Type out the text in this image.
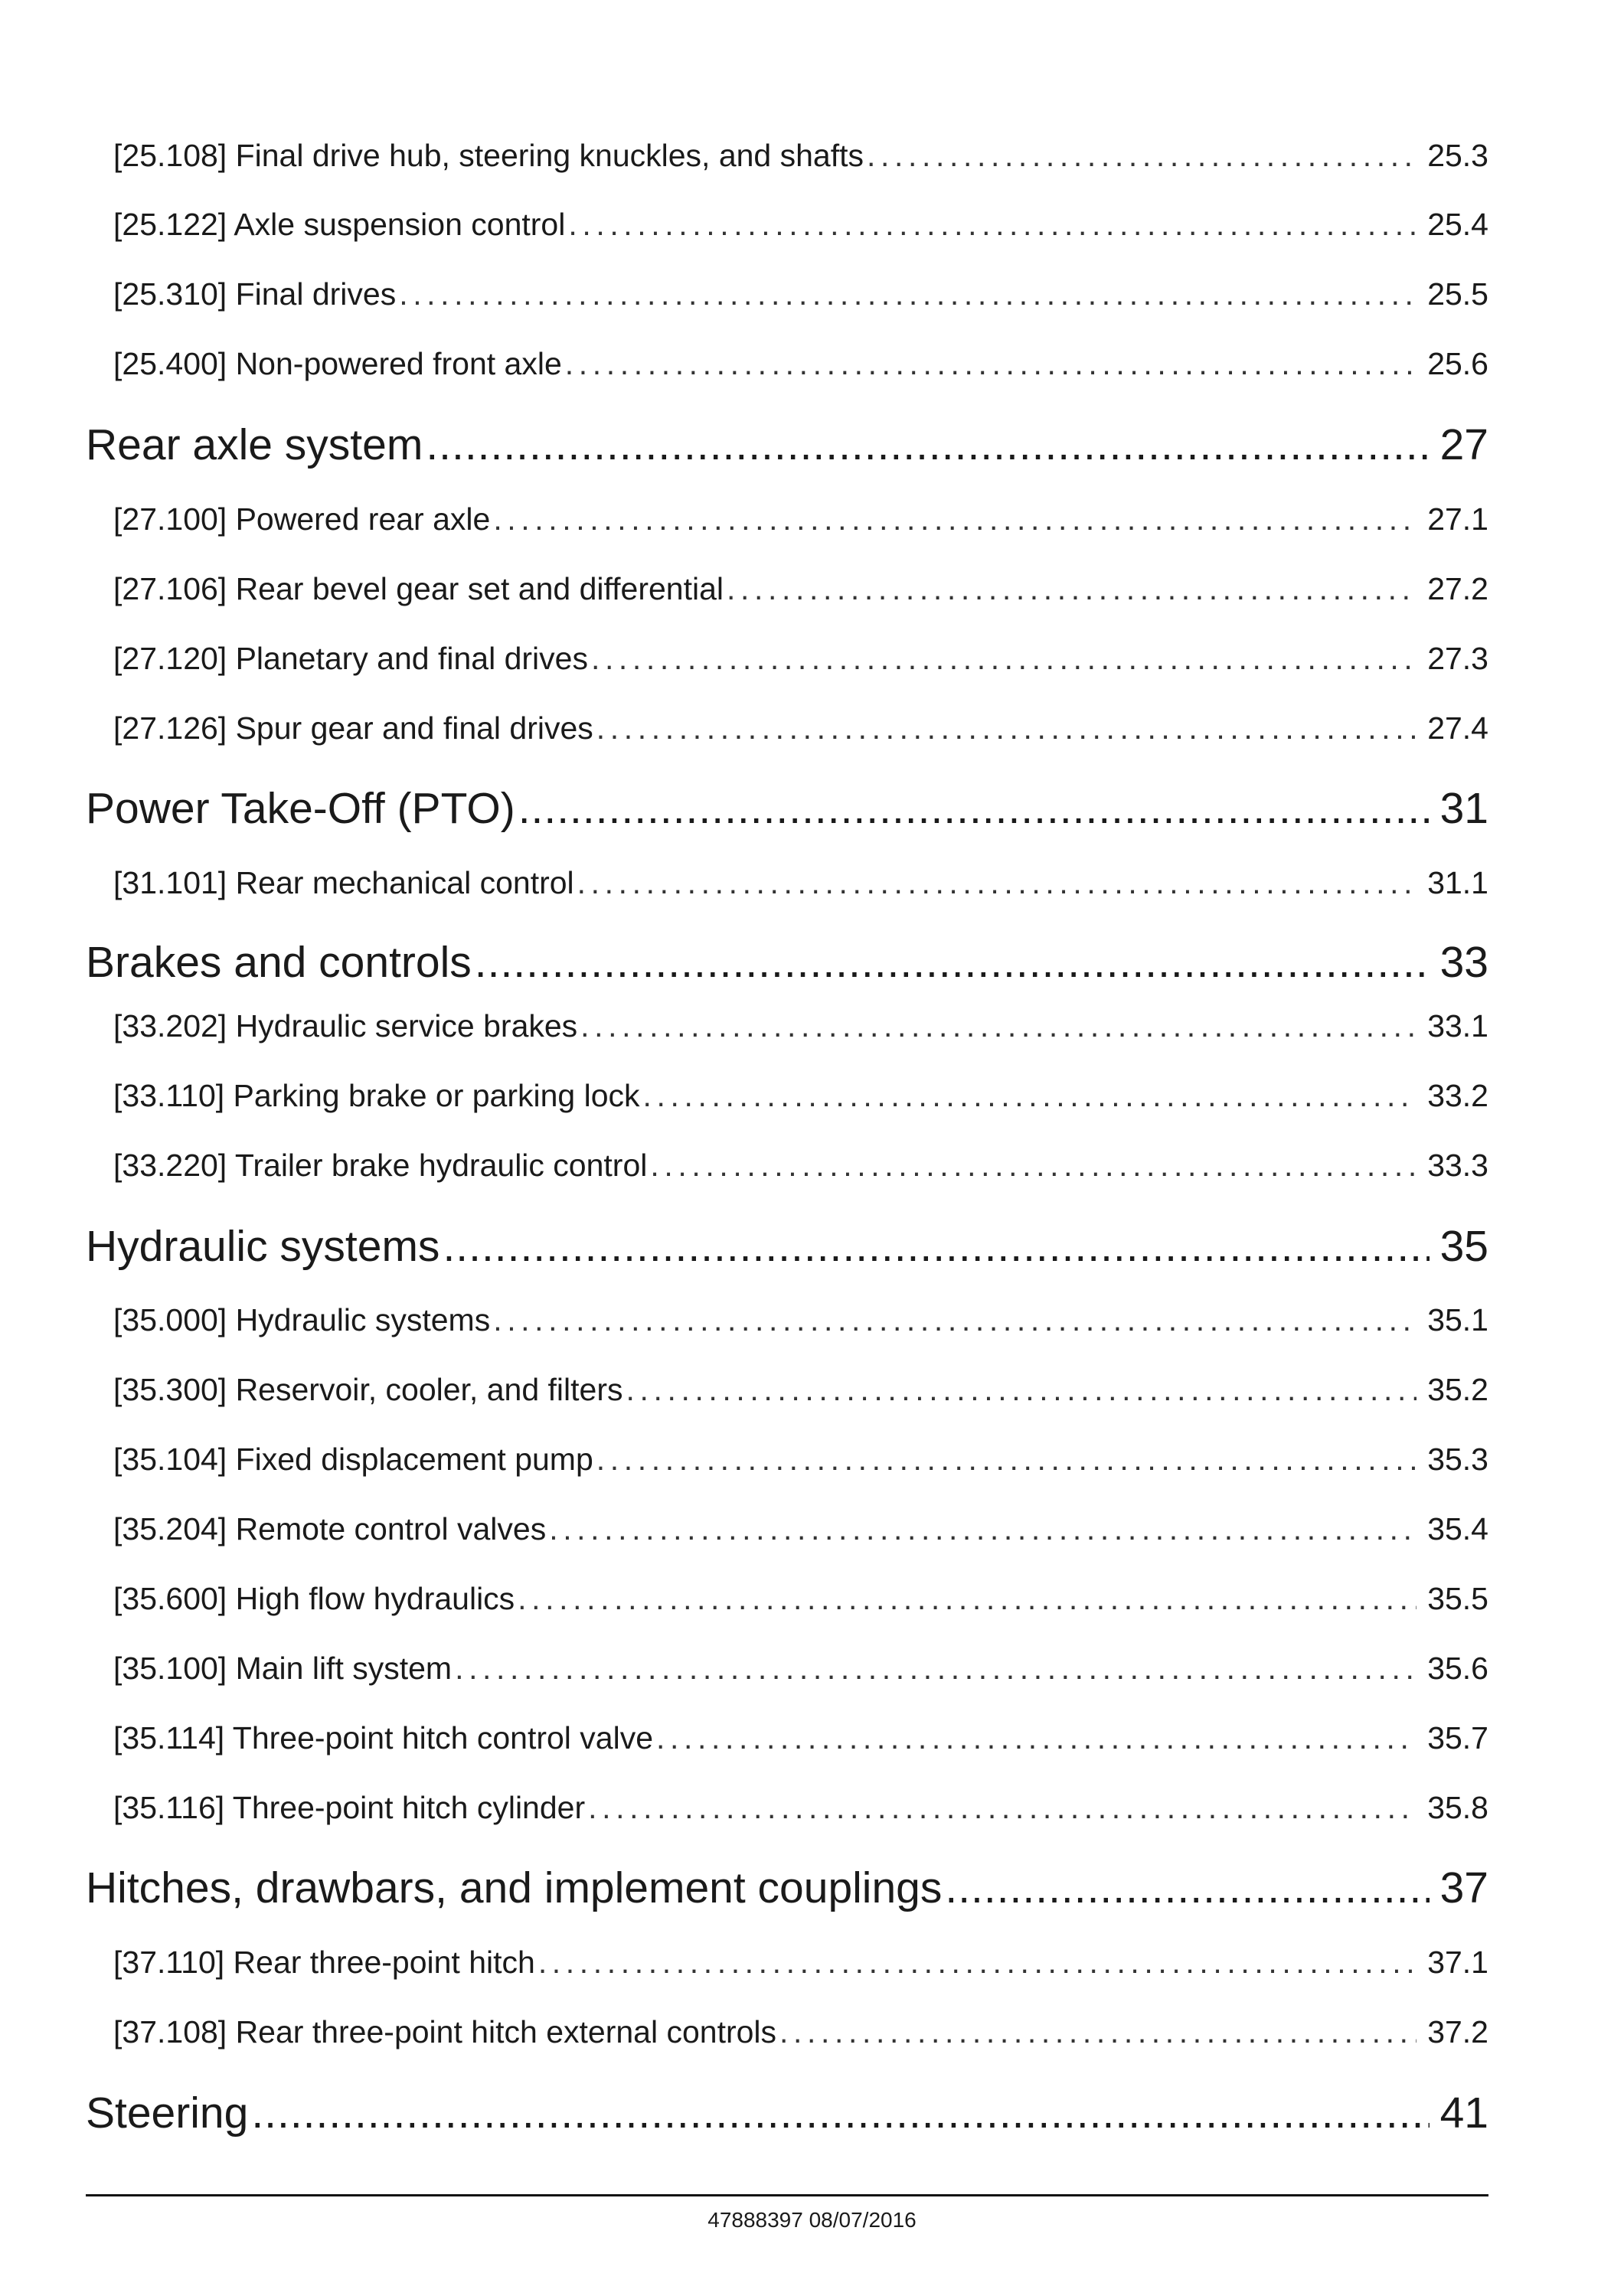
[25.108] Final drive hub, steering knuckles, and shafts .....	25.3
[25.122] Axle suspension control .....	25.4
[25.310] Final drives .....	25.5
[25.400] Non-powered front axle .....	25.6
Rear axle system .....	27
[27.100] Powered rear axle .....	27.1
[27.106] Rear bevel gear set and differential .....	27.2
[27.120] Planetary and final drives .....	27.3
[27.126] Spur gear and final drives .....	27.4
Power Take-Off (PTO) .....	31
[31.101] Rear mechanical control .....	31.1
Brakes and controls .....	33
[33.202] Hydraulic service brakes .....	33.1
[33.110] Parking brake or parking lock .....	33.2
[33.220] Trailer brake hydraulic control .....	33.3
Hydraulic systems .....	35
[35.000] Hydraulic systems .....	35.1
[35.300] Reservoir, cooler, and filters .....	35.2
[35.104] Fixed displacement pump .....	35.3
[35.204] Remote control valves .....	35.4
[35.600] High flow hydraulics .....	35.5
[35.100] Main lift system .....	35.6
[35.114] Three-point hitch control valve .....	35.7
[35.116] Three-point hitch cylinder .....	35.8
Hitches, drawbars, and implement couplings .....	37
[37.110] Rear three-point hitch .....	37.1
[37.108] Rear three-point hitch external controls .....	37.2
Steering .....	41
47888397 08/07/2016
